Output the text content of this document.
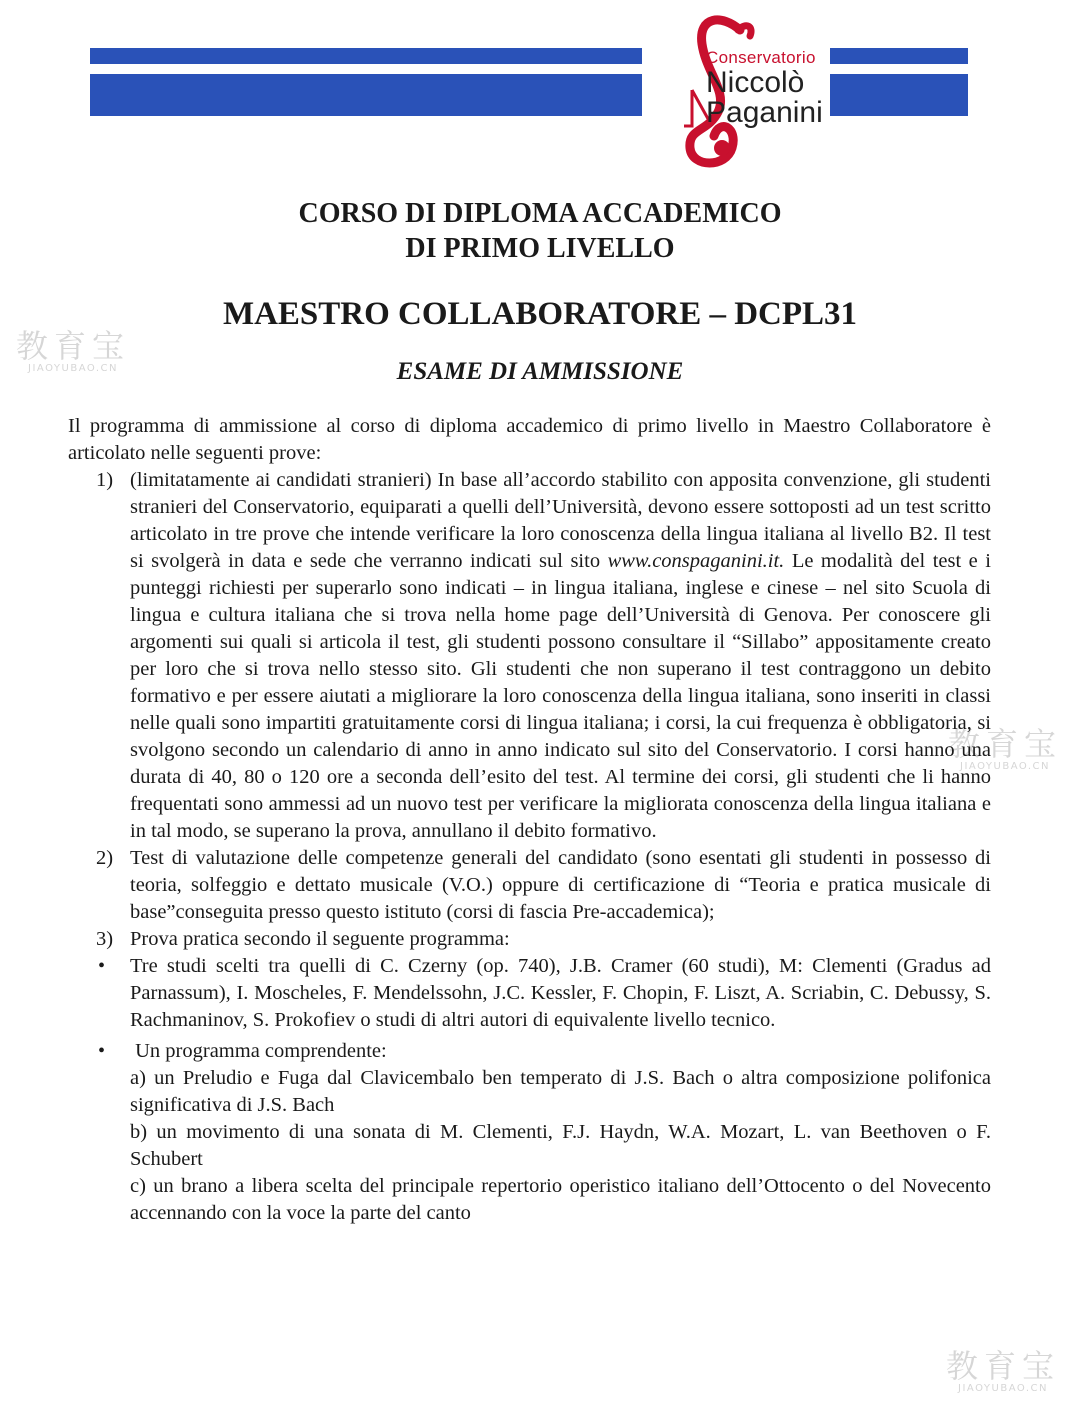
Conservatorio
Niccolò
Paganini
教育宝
JIAOYUBAO.CN
教育宝
JIAOYUBAO.CN
教育宝
JIAOYUBAO.CN
CORSO DI DIPLOMA ACCADEMICO
DI PRIMO LIVELLO
MAESTRO COLLABORATORE – DCPL31
ESAME DI AMMISSIONE

Il programma di ammissione al corso di diploma accademico di primo livello in Maestro Collaboratore è articolato nelle seguenti prove:

1) (limitatamente ai candidati stranieri) In base all’accordo stabilito con apposita convenzione, gli studenti stranieri del Conservatorio, equiparati a quelli dell’Università, devono essere sottoposti ad un test scritto articolato in tre prove che intende verificare la loro conoscenza della lingua italiana al livello B2. Il test si svolgerà in data e sede che verranno indicati sul sito www.conspaganini.it. Le modalità del test e i punteggi richiesti per superarlo sono indicati – in lingua italiana, inglese e cinese – nel sito Scuola di lingua e cultura italiana che si trova nella home page dell’Università di Genova. Per conoscere gli argomenti sui quali si articola il test, gli studenti possono consultare il “Sillabo” appositamente creato per loro che si trova nello stesso sito. Gli studenti che non superano il test contraggono un debito formativo e per essere aiutati a migliorare la loro conoscenza della lingua italiana, sono inseriti in classi nelle quali sono impartiti gratuitamente corsi di lingua italiana; i corsi, la cui frequenza è obbligatoria, si svolgono secondo un calendario di anno in anno indicato sul sito del Conservatorio. I corsi hanno una durata di 40, 80 o 120 ore a seconda dell’esito del test. Al termine dei corsi, gli studenti che li hanno frequentati sono ammessi ad un nuovo test per verificare la migliorata conoscenza della lingua italiana e in tal modo, se superano la prova, annullano il debito formativo.
2) Test di valutazione delle competenze generali del candidato (sono esentati gli studenti in possesso di teoria, solfeggio e dettato musicale (V.O.) oppure di certificazione di “Teoria e pratica musicale di base”conseguita presso questo istituto (corsi di fascia Pre-accademica);
3) Prova pratica secondo il seguente programma:
•	Tre studi scelti tra quelli di C. Czerny (op. 740), J.B. Cramer (60 studi), M: Clementi (Gradus ad Parnassum), I. Moscheles, F. Mendelssohn, J.C. Kessler, F. Chopin, F. Liszt, A. Scriabin, C. Debussy, S. Rachmaninov, S. Prokofiev o studi di altri autori di equivalente livello tecnico.
•	Un programma comprendente:

a) un Preludio e Fuga dal Clavicembalo ben temperato di J.S. Bach o altra composizione polifonica significativa di J.S. Bach

b) un movimento di una sonata di M. Clementi, F.J. Haydn, W.A. Mozart, L. van Beethoven o F. Schubert

c) un brano a libera scelta del principale repertorio operistico italiano dell’Ottocento o del Novecento accennando con la voce la parte del canto
